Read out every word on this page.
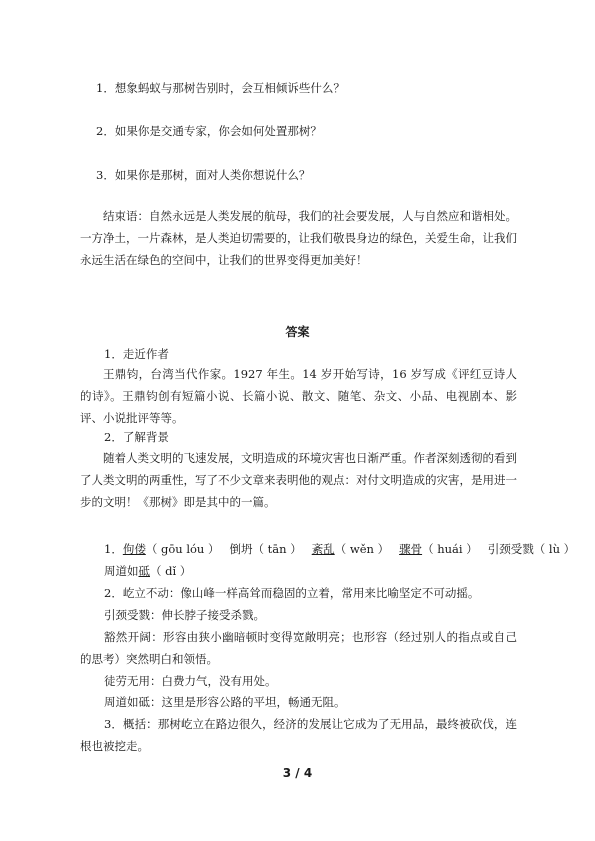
1．想象蚂蚁与那树告别时，会互相倾诉些什么？
2．如果你是交通专家，你会如何处置那树？
3．如果你是那树，面对人类你想说什么？
结束语：自然永远是人类发展的航母，我们的社会要发展，人与自然应和谐相处。一方净土，一片森林，是人类迫切需要的，让我们敬畏身边的绿色，关爱生命，让我们永远生活在绿色的空间中，让我们的世界变得更加美好！
答案
1．走近作者
王鼎钧，台湾当代作家。1927 年生。14 岁开始写诗，16 岁写成《评红豆诗人的诗》。王鼎钧创有短篇小说、长篇小说、散文、随笔、杂文、小品、电视剧本、影评、小说批评等等。
2．了解背景
随着人类文明的飞速发展，文明造成的环境灾害也日渐严重。作者深刻透彻的看到了人类文明的两重性，写了不少文章来表明他的观点：对付文明造成的灾害，是用进一步的文明！《那树》即是其中的一篇。
1．佝偻（ gōu lóu ） 倒坍（ tān ） 紊乱（ wěn ） 骤骨（ huái ） 引颈受戮（ lù ）
周道如砥（ dǐ ）
2．屹立不动：像山峰一样高耸而稳固的立着，常用来比喻坚定不可动摇。
引颈受戮：伸长脖子接受杀戮。
豁然开阔：形容由狭小幽暗顿时变得宽敞明亮；也形容（经过别人的指点或自己的思考）突然明白和领悟。
徒劳无用：白费力气，没有用处。
周道如砥：这里是形容公路的平坦，畅通无阻。
3．概括：那树屹立在路边很久，经济的发展让它成为了无用品，最终被砍伐，连根也被挖走。
3 / 4
